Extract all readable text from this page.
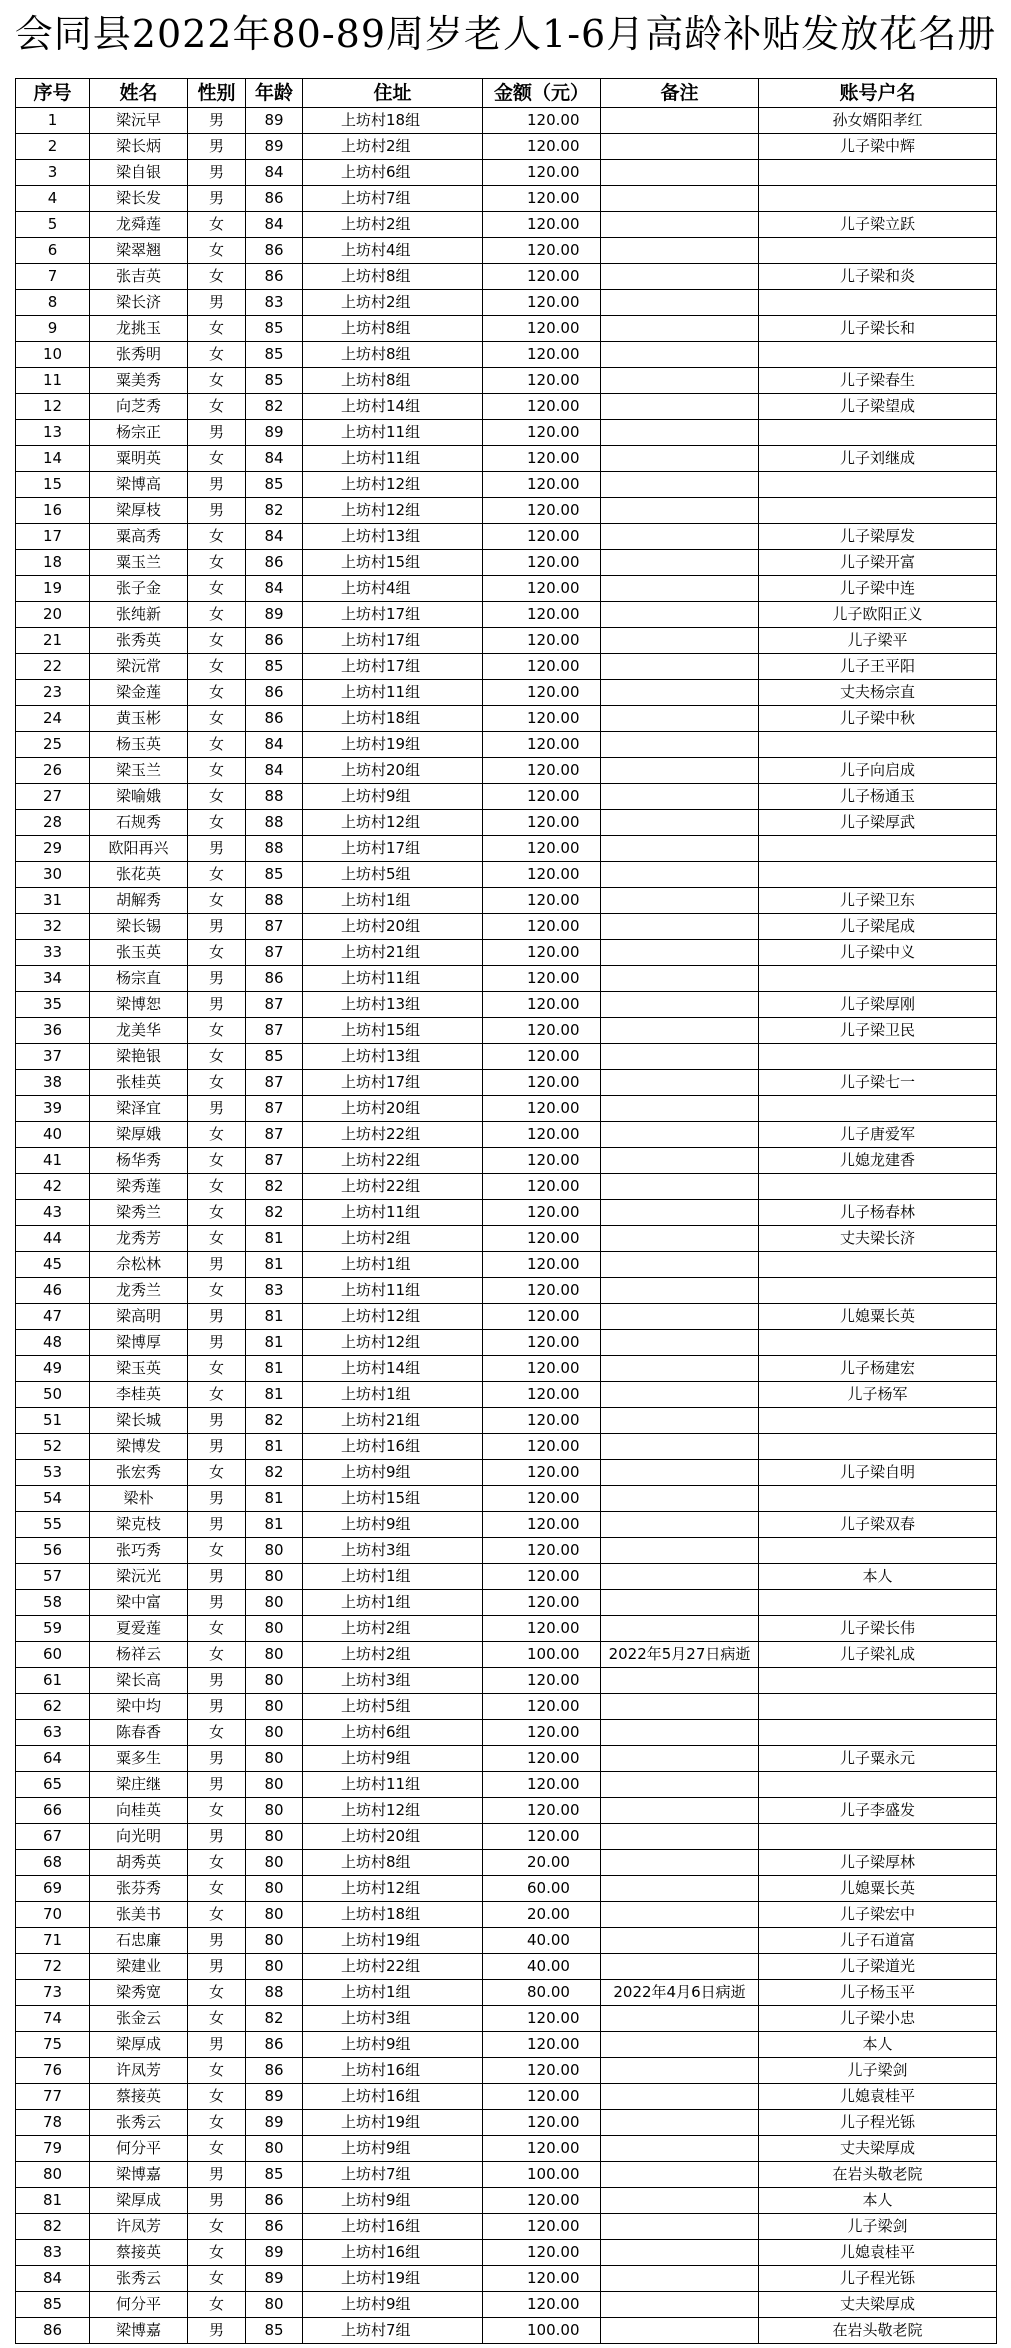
会同县2022年80-89周岁老人1-6月高龄补贴发放花名册
序号	姓名	性别	年龄	住址	金额（元）	备注	账号户名
1	梁沅早	男	89	上坊村18组	120.00		孙女婿阳孝红
2	梁长炳	男	89	上坊村2组	120.00		儿子梁中辉
3	梁自银	男	84	上坊村6组	120.00		
4	梁长发	男	86	上坊村7组	120.00		
5	龙舜莲	女	84	上坊村2组	120.00		儿子梁立跃
6	梁翠翘	女	86	上坊村4组	120.00		
7	张吉英	女	86	上坊村8组	120.00		儿子梁和炎
8	梁长济	男	83	上坊村2组	120.00		
9	龙挑玉	女	85	上坊村8组	120.00		儿子梁长和
10	张秀明	女	85	上坊村8组	120.00		
11	粟美秀	女	85	上坊村8组	120.00		儿子梁春生
12	向芝秀	女	82	上坊村14组	120.00		儿子梁望成
13	杨宗正	男	89	上坊村11组	120.00		
14	粟明英	女	84	上坊村11组	120.00		儿子刘继成
15	梁博高	男	85	上坊村12组	120.00		
16	梁厚枝	男	82	上坊村12组	120.00		
17	粟高秀	女	84	上坊村13组	120.00		儿子梁厚发
18	粟玉兰	女	86	上坊村15组	120.00		儿子梁开富
19	张子金	女	84	上坊村4组	120.00		儿子梁中连
20	张纯新	女	89	上坊村17组	120.00		儿子欧阳正义
21	张秀英	女	86	上坊村17组	120.00		儿子梁平
22	梁沅常	女	85	上坊村17组	120.00		儿子王平阳
23	梁金莲	女	86	上坊村11组	120.00		丈夫杨宗直
24	黄玉彬	女	86	上坊村18组	120.00		儿子梁中秋
25	杨玉英	女	84	上坊村19组	120.00		
26	梁玉兰	女	84	上坊村20组	120.00		儿子向启成
27	梁喻娥	女	88	上坊村9组	120.00		儿子杨通玉
28	石规秀	女	88	上坊村12组	120.00		儿子梁厚武
29	欧阳再兴	男	88	上坊村17组	120.00		
30	张花英	女	85	上坊村5组	120.00		
31	胡解秀	女	88	上坊村1组	120.00		儿子梁卫东
32	梁长锡	男	87	上坊村20组	120.00		儿子梁尾成
33	张玉英	女	87	上坊村21组	120.00		儿子梁中义
34	杨宗直	男	86	上坊村11组	120.00		
35	梁博恕	男	87	上坊村13组	120.00		儿子梁厚刚
36	龙美华	女	87	上坊村15组	120.00		儿子梁卫民
37	梁艳银	女	85	上坊村13组	120.00		
38	张桂英	女	87	上坊村17组	120.00		儿子梁七一
39	梁泽宜	男	87	上坊村20组	120.00		
40	梁厚娥	女	87	上坊村22组	120.00		儿子唐爱军
41	杨华秀	女	87	上坊村22组	120.00		儿媳龙建香
42	梁秀莲	女	82	上坊村22组	120.00		
43	梁秀兰	女	82	上坊村11组	120.00		儿子杨春林
44	龙秀芳	女	81	上坊村2组	120.00		丈夫梁长济
45	佘松林	男	81	上坊村1组	120.00		
46	龙秀兰	女	83	上坊村11组	120.00		
47	梁高明	男	81	上坊村12组	120.00		儿媳粟长英
48	梁博厚	男	81	上坊村12组	120.00		
49	梁玉英	女	81	上坊村14组	120.00		儿子杨建宏
50	李桂英	女	81	上坊村1组	120.00		儿子杨军
51	梁长城	男	82	上坊村21组	120.00		
52	梁博发	男	81	上坊村16组	120.00		
53	张宏秀	女	82	上坊村9组	120.00		儿子梁自明
54	梁朴	男	81	上坊村15组	120.00		
55	梁克枝	男	81	上坊村9组	120.00		儿子梁双春
56	张巧秀	女	80	上坊村3组	120.00		
57	梁沅光	男	80	上坊村1组	120.00		本人
58	梁中富	男	80	上坊村1组	120.00		
59	夏爱莲	女	80	上坊村2组	120.00		儿子梁长伟
60	杨祥云	女	80	上坊村2组	100.00	2022年5月27日病逝	儿子梁礼成
61	梁长高	男	80	上坊村3组	120.00		
62	梁中均	男	80	上坊村5组	120.00		
63	陈春香	女	80	上坊村6组	120.00		
64	粟多生	男	80	上坊村9组	120.00		儿子粟永元
65	梁庄继	男	80	上坊村11组	120.00		
66	向桂英	女	80	上坊村12组	120.00		儿子李盛发
67	向光明	男	80	上坊村20组	120.00		
68	胡秀英	女	80	上坊村8组	20.00		儿子梁厚林
69	张芬秀	女	80	上坊村12组	60.00		儿媳粟长英
70	张美书	女	80	上坊村18组	20.00		儿子梁宏中
71	石忠廉	男	80	上坊村19组	40.00		儿子石道富
72	梁建业	男	80	上坊村22组	40.00		儿子梁道光
73	梁秀宽	女	88	上坊村1组	80.00	2022年4月6日病逝	儿子杨玉平
74	张金云	女	82	上坊村3组	120.00		儿子梁小忠
75	梁厚成	男	86	上坊村9组	120.00		本人
76	许凤芳	女	86	上坊村16组	120.00		儿子梁剑
77	蔡接英	女	89	上坊村16组	120.00		儿媳袁桂平
78	张秀云	女	89	上坊村19组	120.00		儿子程光铄
79	何分平	女	80	上坊村9组	120.00		丈夫梁厚成
80	梁博嘉	男	85	上坊村7组	100.00		在岩头敬老院
81	梁厚成	男	86	上坊村9组	120.00		本人
82	许凤芳	女	86	上坊村16组	120.00		儿子梁剑
83	蔡接英	女	89	上坊村16组	120.00		儿媳袁桂平
84	张秀云	女	89	上坊村19组	120.00		儿子程光铄
85	何分平	女	80	上坊村9组	120.00		丈夫梁厚成
86	梁博嘉	男	85	上坊村7组	100.00		在岩头敬老院
